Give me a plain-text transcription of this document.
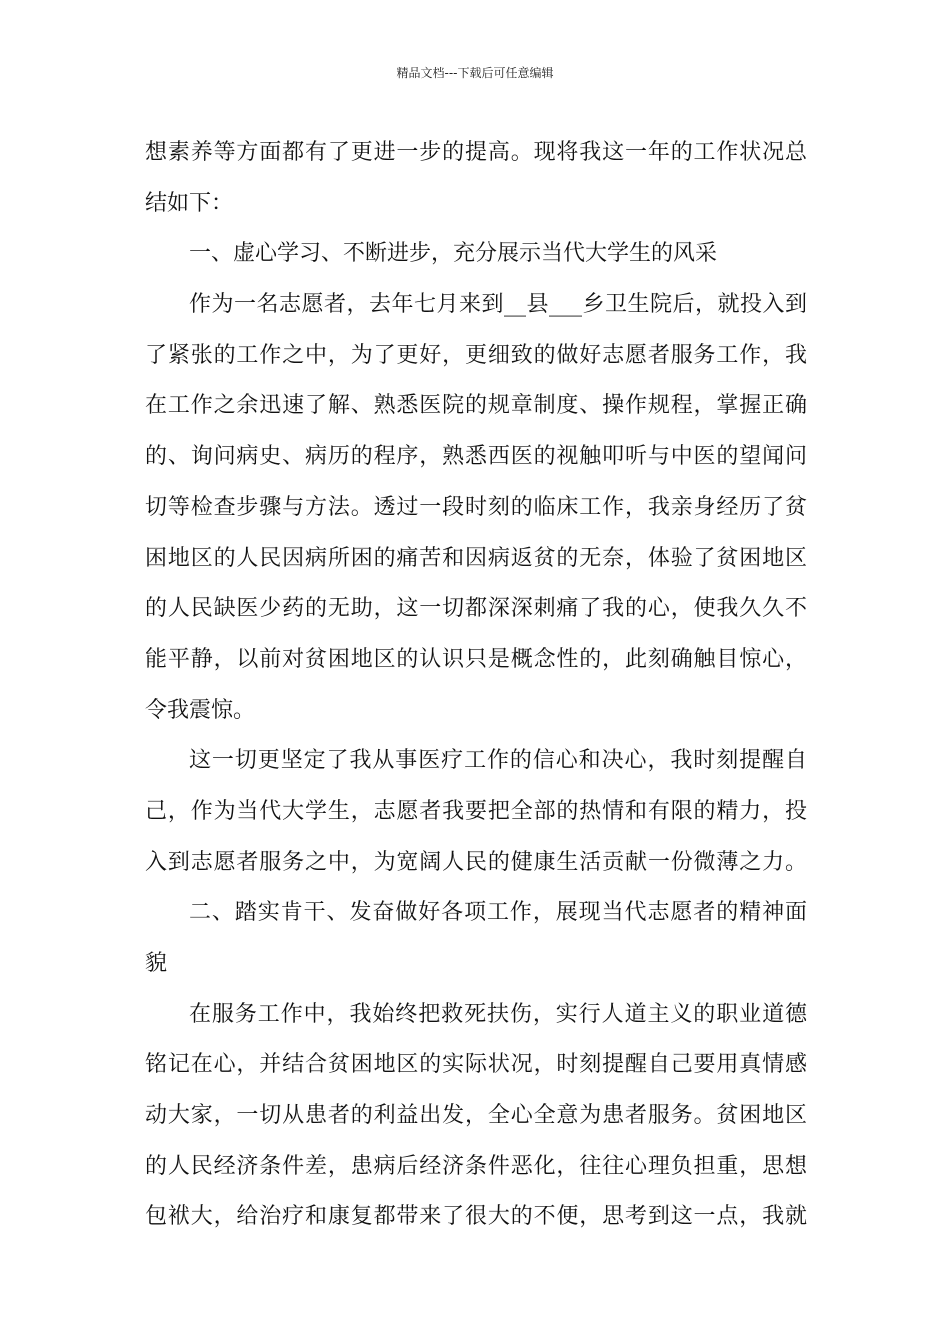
精品文档---下载后可任意编辑
想素养等方面都有了更进一步的提高。现将我这一年的工作状况总
结如下：
一、虚心学习、不断进步，充分展示当代大学生的风采
作为一名志愿者，去年七月来到__县___乡卫生院后，就投入到
了紧张的工作之中，为了更好，更细致的做好志愿者服务工作，我
在工作之余迅速了解、熟悉医院的规章制度、操作规程，掌握正确
的、询问病史、病历的程序，熟悉西医的视触叩听与中医的望闻问
切等检查步骤与方法。透过一段时刻的临床工作，我亲身经历了贫
困地区的人民因病所困的痛苦和因病返贫的无奈，体验了贫困地区
的人民缺医少药的无助，这一切都深深刺痛了我的心，使我久久不
能平静，以前对贫困地区的认识只是概念性的，此刻确触目惊心，
令我震惊。
这一切更坚定了我从事医疗工作的信心和决心，我时刻提醒自
己，作为当代大学生，志愿者我要把全部的热情和有限的精力，投
入到志愿者服务之中，为宽阔人民的健康生活贡献一份微薄之力。
二、踏实肯干、发奋做好各项工作，展现当代志愿者的精神面
貌
在服务工作中，我始终把救死扶伤，实行人道主义的职业道德
铭记在心，并结合贫困地区的实际状况，时刻提醒自己要用真情感
动大家，一切从患者的利益出发，全心全意为患者服务。贫困地区
的人民经济条件差，患病后经济条件恶化，往往心理负担重，思想
包袱大，给治疗和康复都带来了很大的不便，思考到这一点，我就
